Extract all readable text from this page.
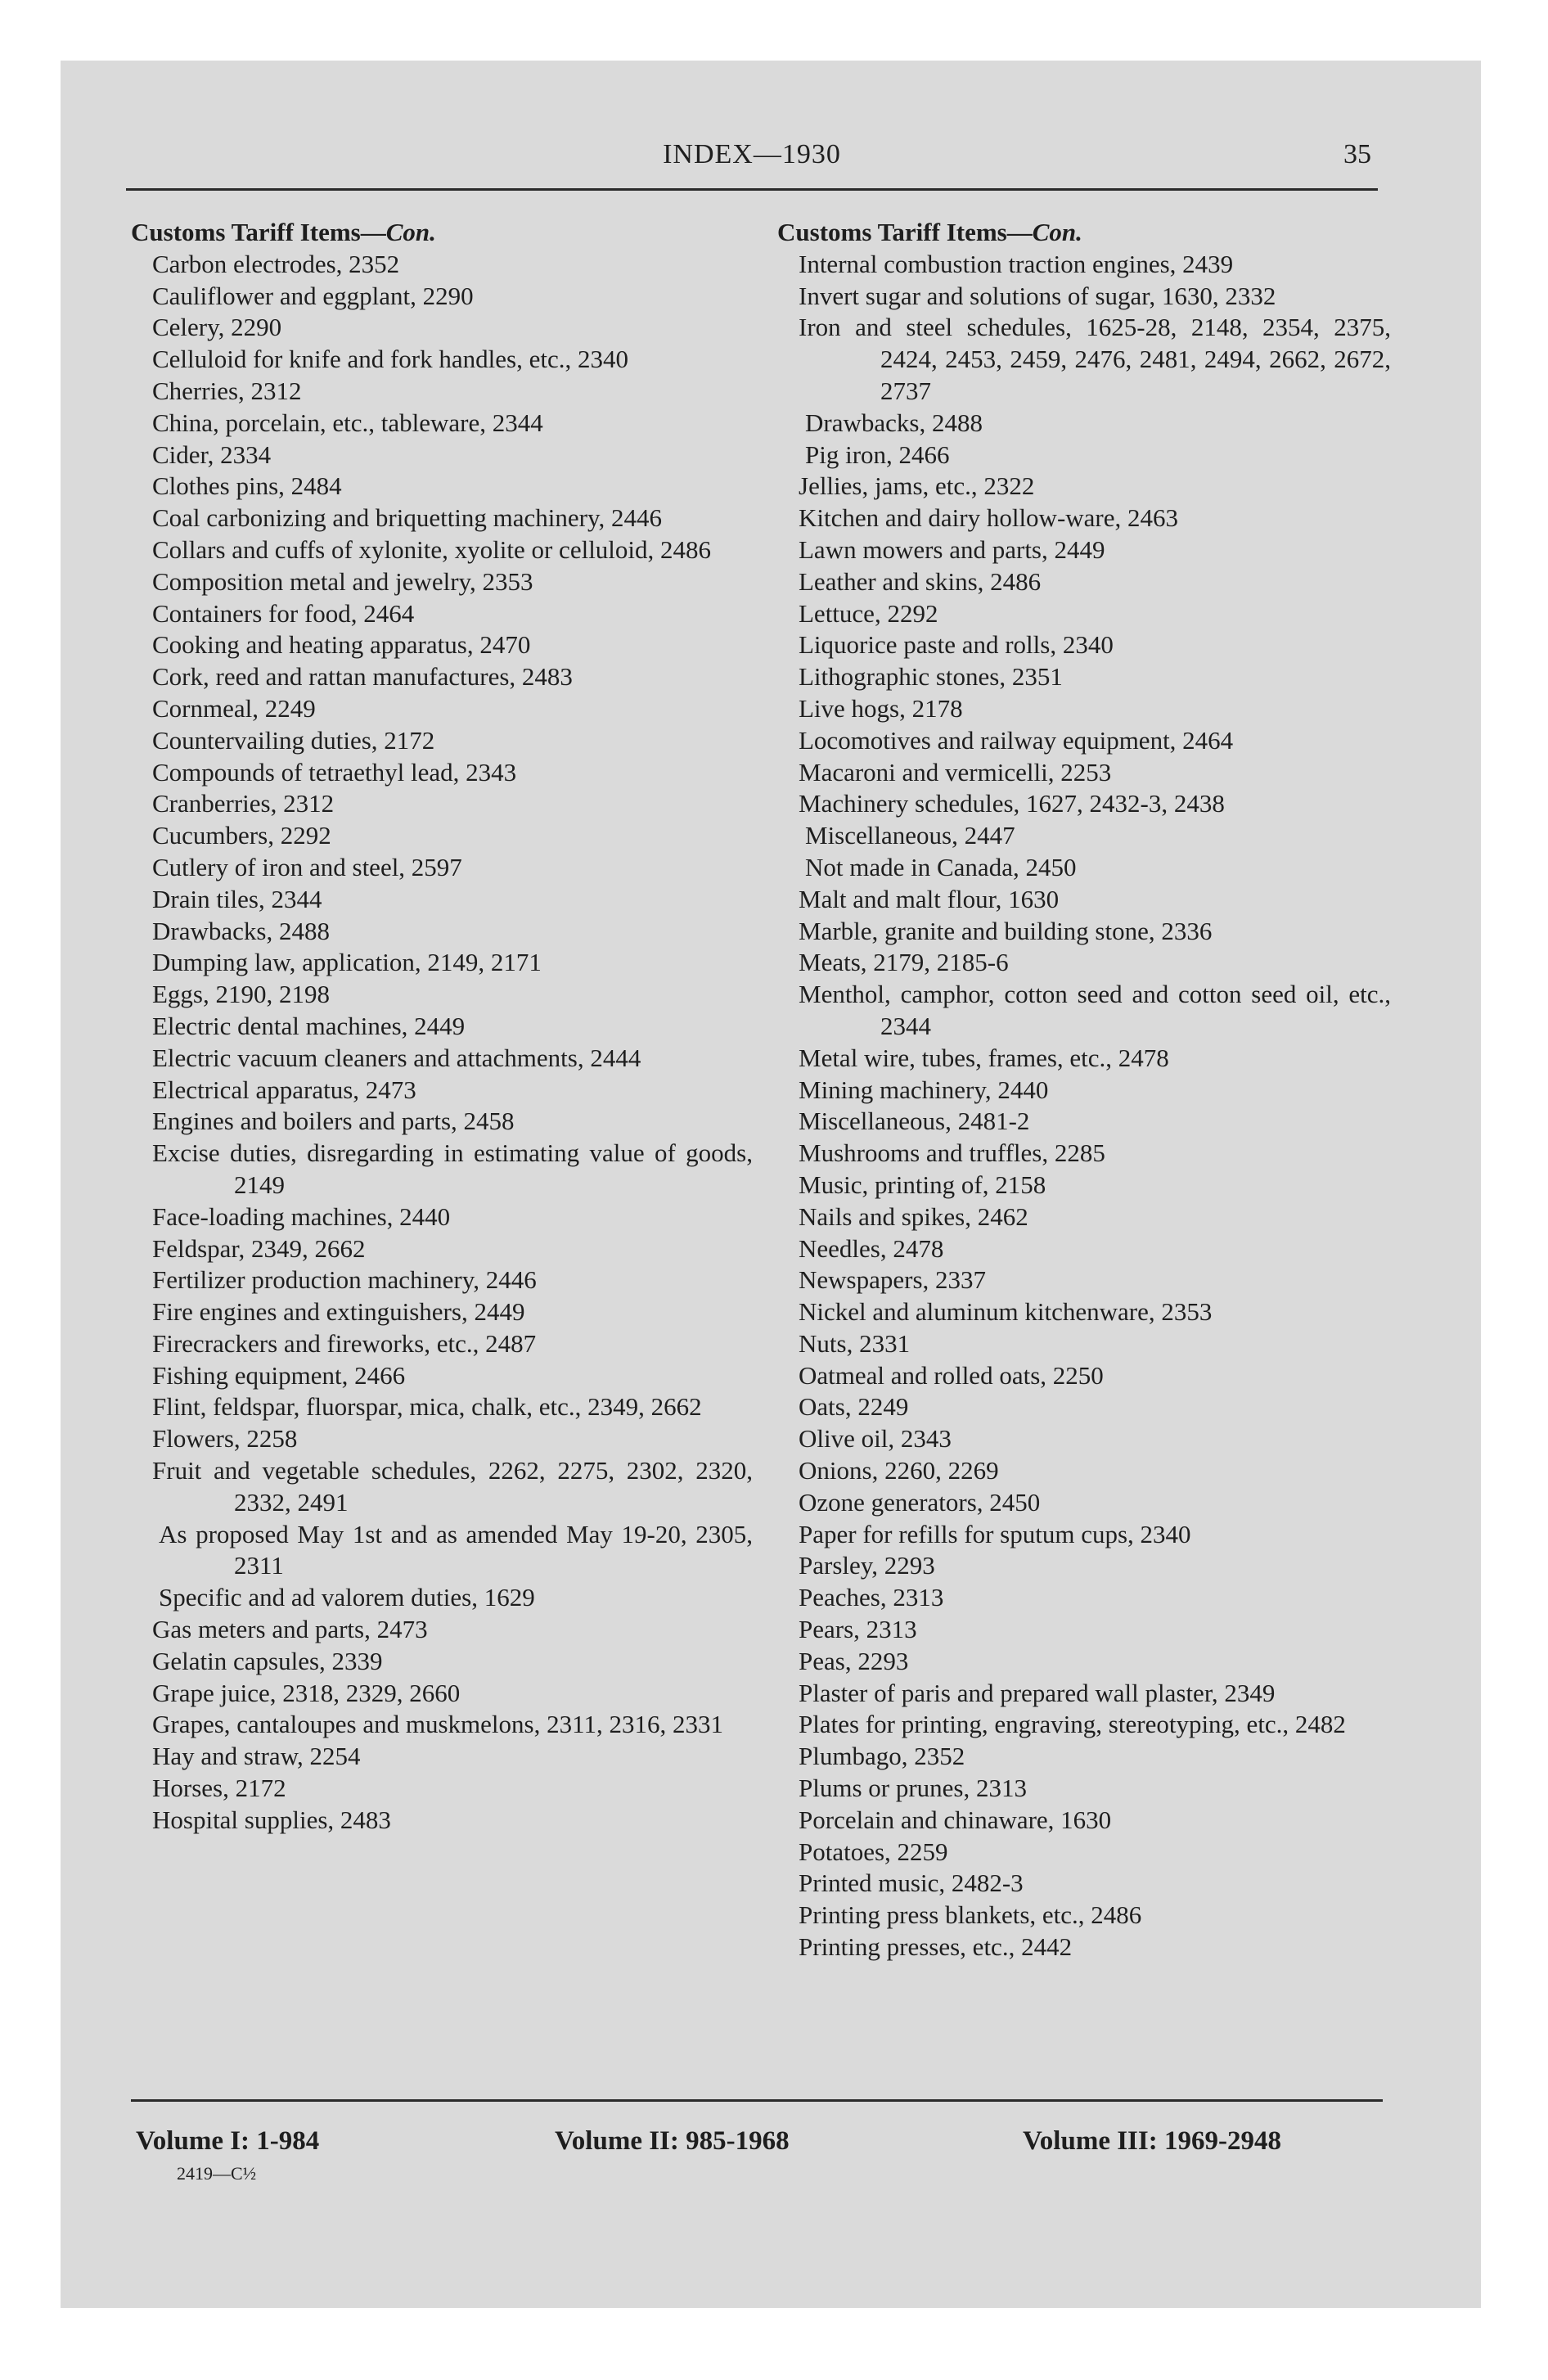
INDEX—1930	35

Customs Tariff Items—Con.

Carbon electrodes, 2352

Cauliflower and eggplant, 2290

Celery, 2290

Celluloid for knife and fork handles, etc., 2340

Cherries, 2312

China, porcelain, etc., tableware, 2344

Cider, 2334

Clothes pins, 2484

Coal carbonizing and briquetting machinery, 2446

Collars and cuffs of xylonite, xyolite or celluloid, 2486

Composition metal and jewelry, 2353

Containers for food, 2464

Cooking and heating apparatus, 2470

Cork, reed and rattan manufactures, 2483

Cornmeal, 2249

Countervailing duties, 2172

Compounds of tetraethyl lead, 2343

Cranberries, 2312

Cucumbers, 2292

Cutlery of iron and steel, 2597

Drain tiles, 2344

Drawbacks, 2488

Dumping law, application, 2149, 2171

Eggs, 2190, 2198

Electric dental machines, 2449

Electric vacuum cleaners and attachments, 2444

Electrical apparatus, 2473

Engines and boilers and parts, 2458

Excise duties, disregarding in estimating value of goods, 2149

Face-loading machines, 2440

Feldspar, 2349, 2662

Fertilizer production machinery, 2446

Fire engines and extinguishers, 2449

Firecrackers and fireworks, etc., 2487

Fishing equipment, 2466

Flint, feldspar, fluorspar, mica, chalk, etc., 2349, 2662

Flowers, 2258

Fruit and vegetable schedules, 2262, 2275, 2302, 2320, 2332, 2491

As proposed May 1st and as amended May 19-20, 2305, 2311

Specific and ad valorem duties, 1629

Gas meters and parts, 2473

Gelatin capsules, 2339

Grape juice, 2318, 2329, 2660

Grapes, cantaloupes and muskmelons, 2311, 2316, 2331

Hay and straw, 2254

Horses, 2172

Hospital supplies, 2483

Customs Tariff Items—Con.

Internal combustion traction engines, 2439

Invert sugar and solutions of sugar, 1630, 2332

Iron and steel schedules, 1625-28, 2148, 2354, 2375, 2424, 2453, 2459, 2476, 2481, 2494, 2662, 2672, 2737

Drawbacks, 2488

Pig iron, 2466

Jellies, jams, etc., 2322

Kitchen and dairy hollow-ware, 2463

Lawn mowers and parts, 2449

Leather and skins, 2486

Lettuce, 2292

Liquorice paste and rolls, 2340

Lithographic stones, 2351

Live hogs, 2178

Locomotives and railway equipment, 2464

Macaroni and vermicelli, 2253

Machinery schedules, 1627, 2432-3, 2438

Miscellaneous, 2447

Not made in Canada, 2450

Malt and malt flour, 1630

Marble, granite and building stone, 2336

Meats, 2179, 2185-6

Menthol, camphor, cotton seed and cotton seed oil, etc., 2344

Metal wire, tubes, frames, etc., 2478

Mining machinery, 2440

Miscellaneous, 2481-2

Mushrooms and truffles, 2285

Music, printing of, 2158

Nails and spikes, 2462

Needles, 2478

Newspapers, 2337

Nickel and aluminum kitchenware, 2353

Nuts, 2331

Oatmeal and rolled oats, 2250

Oats, 2249

Olive oil, 2343

Onions, 2260, 2269

Ozone generators, 2450

Paper for refills for sputum cups, 2340

Parsley, 2293

Peaches, 2313

Pears, 2313

Peas, 2293

Plaster of paris and prepared wall plaster, 2349

Plates for printing, engraving, stereotyping, etc., 2482

Plumbago, 2352

Plums or prunes, 2313

Porcelain and chinaware, 1630

Potatoes, 2259

Printed music, 2482-3

Printing press blankets, etc., 2486

Printing presses, etc., 2442

Volume I: 1-984	Volume II: 985-1968	Volume III: 1969-2948
2419—C½
